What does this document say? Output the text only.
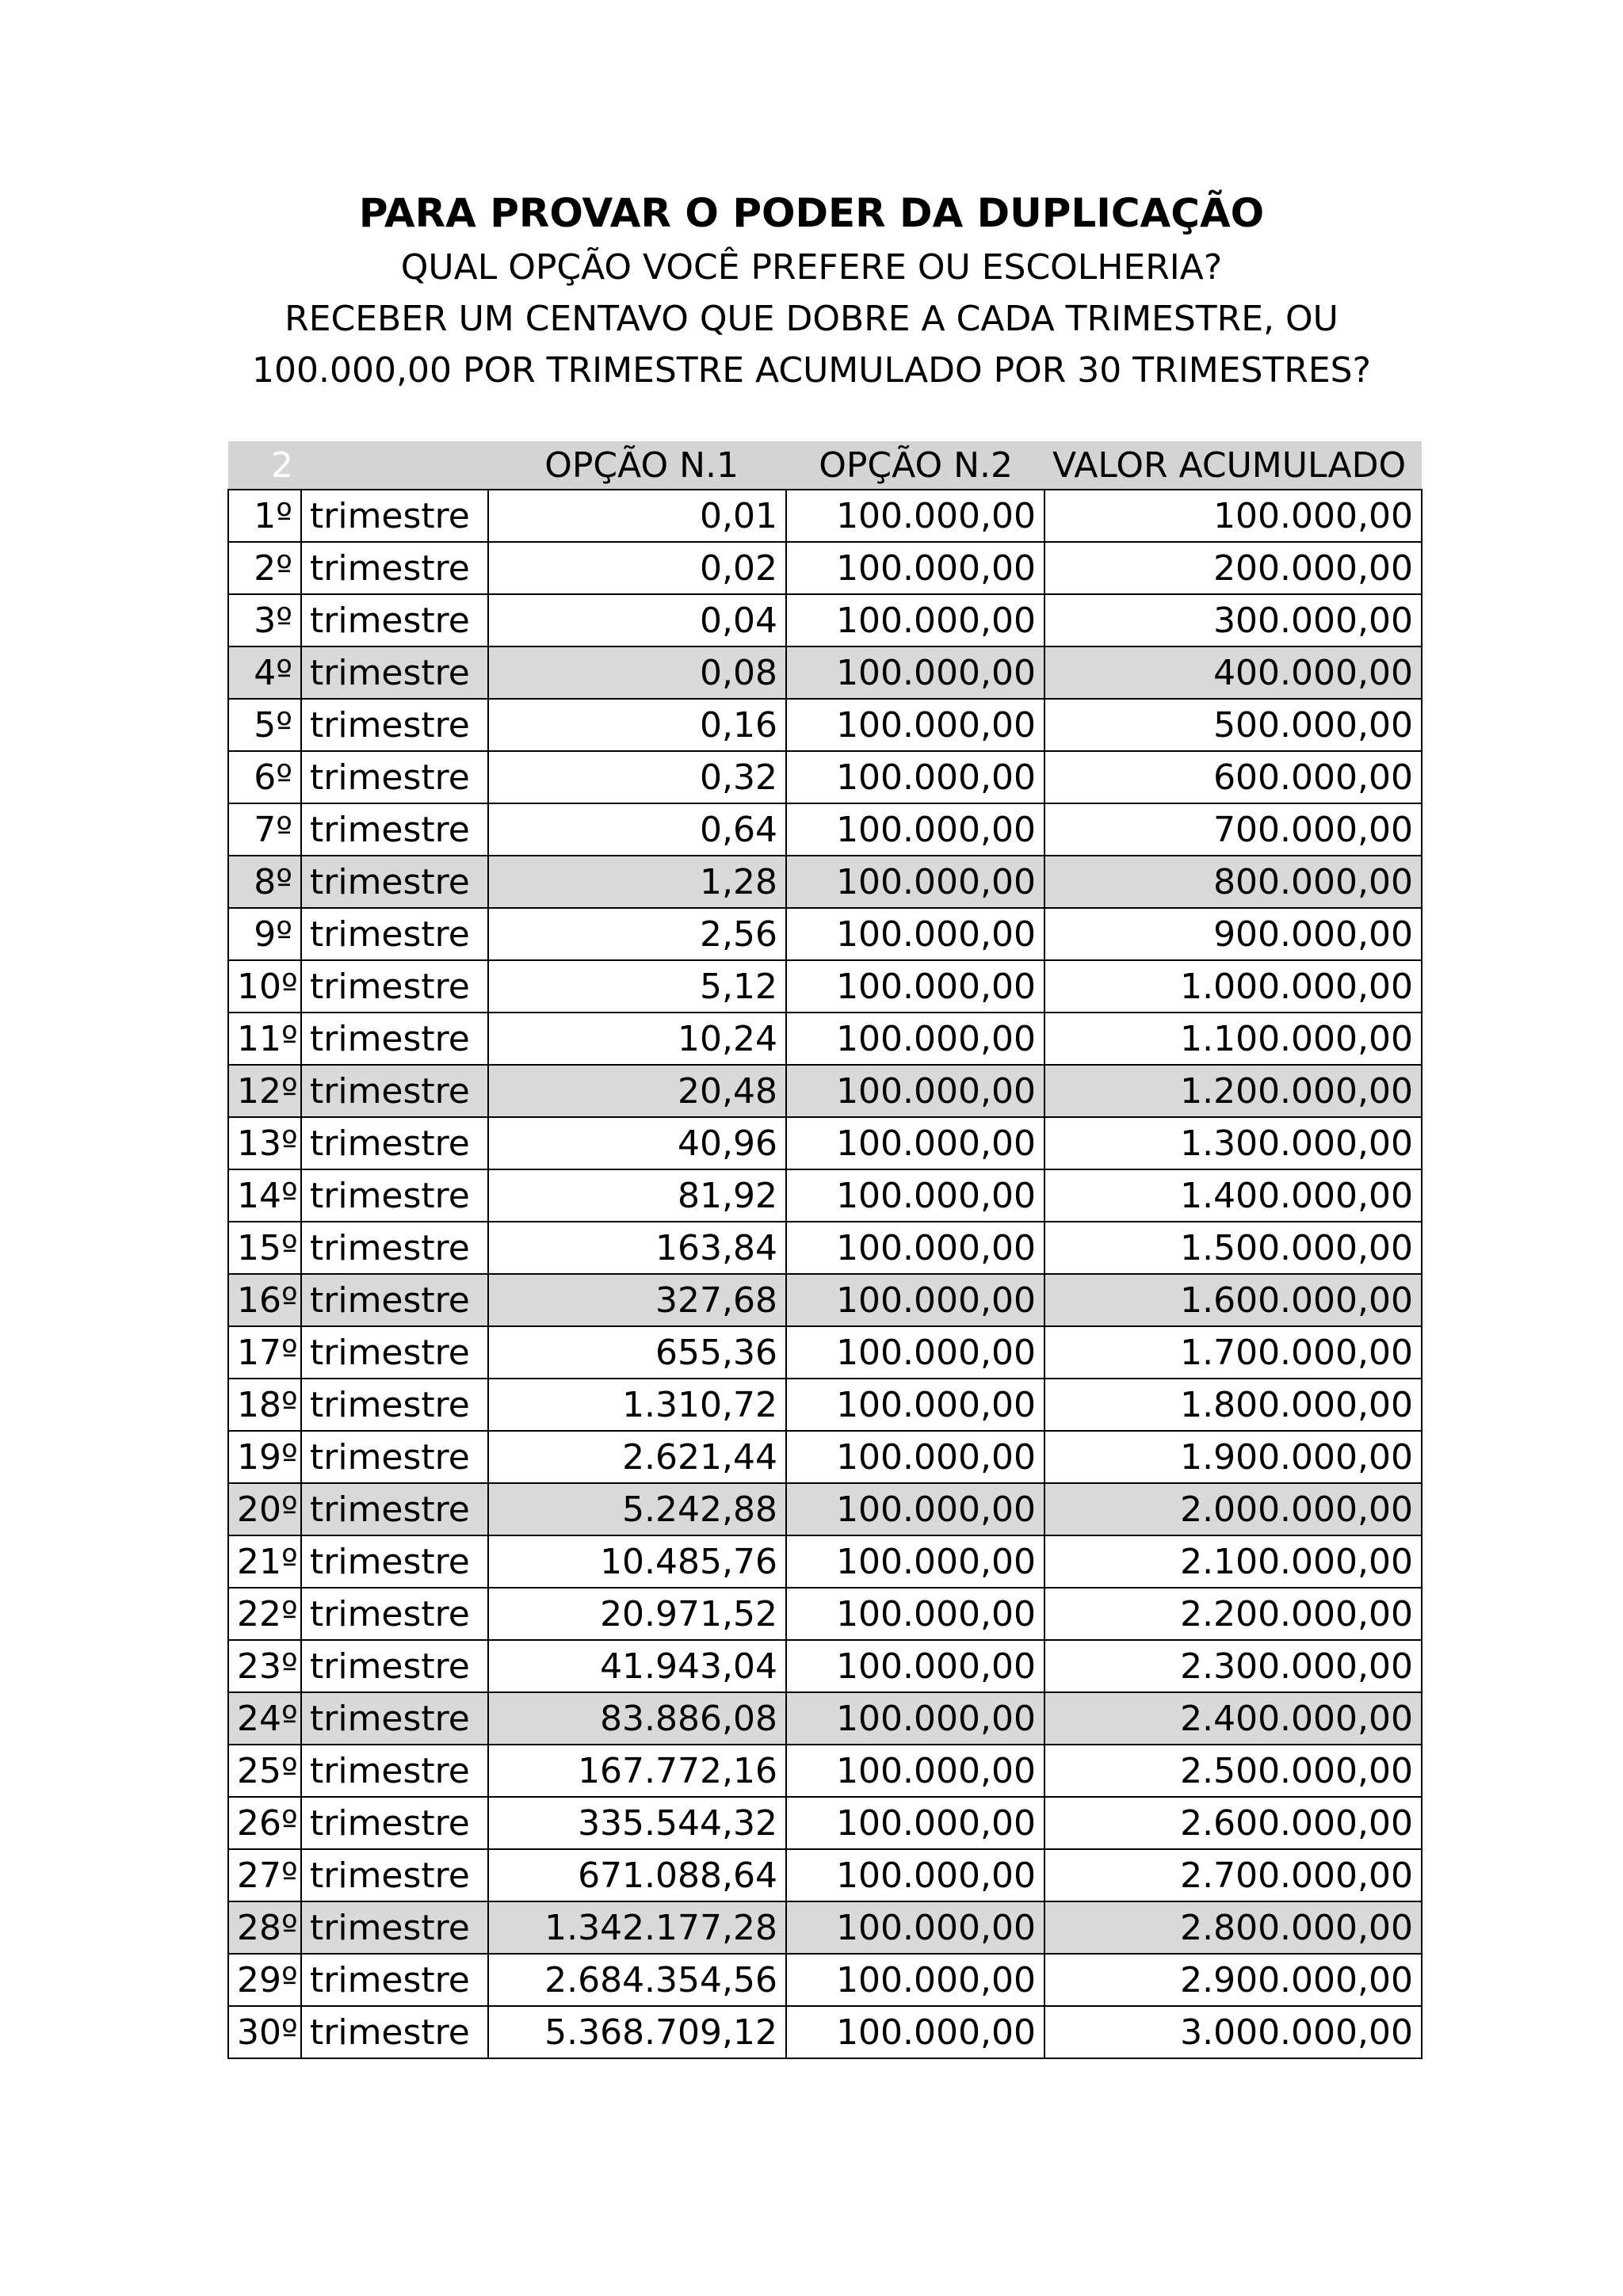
PARA PROVAR O PODER DA DUPLICAÇÃO
QUAL OPÇÃO VOCÊ PREFERE OU ESCOLHERIA?
RECEBER UM CENTAVO QUE DOBRE A CADA TRIMESTRE, OU
100.000,00 POR TRIMESTRE ACUMULADO POR 30 TRIMESTRES?
2		OPÇÃO N.1	OPÇÃO N.2	VALOR ACUMULADO
1º	trimestre	0,01	100.000,00	100.000,00
2º	trimestre	0,02	100.000,00	200.000,00
3º	trimestre	0,04	100.000,00	300.000,00
4º	trimestre	0,08	100.000,00	400.000,00
5º	trimestre	0,16	100.000,00	500.000,00
6º	trimestre	0,32	100.000,00	600.000,00
7º	trimestre	0,64	100.000,00	700.000,00
8º	trimestre	1,28	100.000,00	800.000,00
9º	trimestre	2,56	100.000,00	900.000,00
10º	trimestre	5,12	100.000,00	1.000.000,00
11º	trimestre	10,24	100.000,00	1.100.000,00
12º	trimestre	20,48	100.000,00	1.200.000,00
13º	trimestre	40,96	100.000,00	1.300.000,00
14º	trimestre	81,92	100.000,00	1.400.000,00
15º	trimestre	163,84	100.000,00	1.500.000,00
16º	trimestre	327,68	100.000,00	1.600.000,00
17º	trimestre	655,36	100.000,00	1.700.000,00
18º	trimestre	1.310,72	100.000,00	1.800.000,00
19º	trimestre	2.621,44	100.000,00	1.900.000,00
20º	trimestre	5.242,88	100.000,00	2.000.000,00
21º	trimestre	10.485,76	100.000,00	2.100.000,00
22º	trimestre	20.971,52	100.000,00	2.200.000,00
23º	trimestre	41.943,04	100.000,00	2.300.000,00
24º	trimestre	83.886,08	100.000,00	2.400.000,00
25º	trimestre	167.772,16	100.000,00	2.500.000,00
26º	trimestre	335.544,32	100.000,00	2.600.000,00
27º	trimestre	671.088,64	100.000,00	2.700.000,00
28º	trimestre	1.342.177,28	100.000,00	2.800.000,00
29º	trimestre	2.684.354,56	100.000,00	2.900.000,00
30º	trimestre	5.368.709,12	100.000,00	3.000.000,00
